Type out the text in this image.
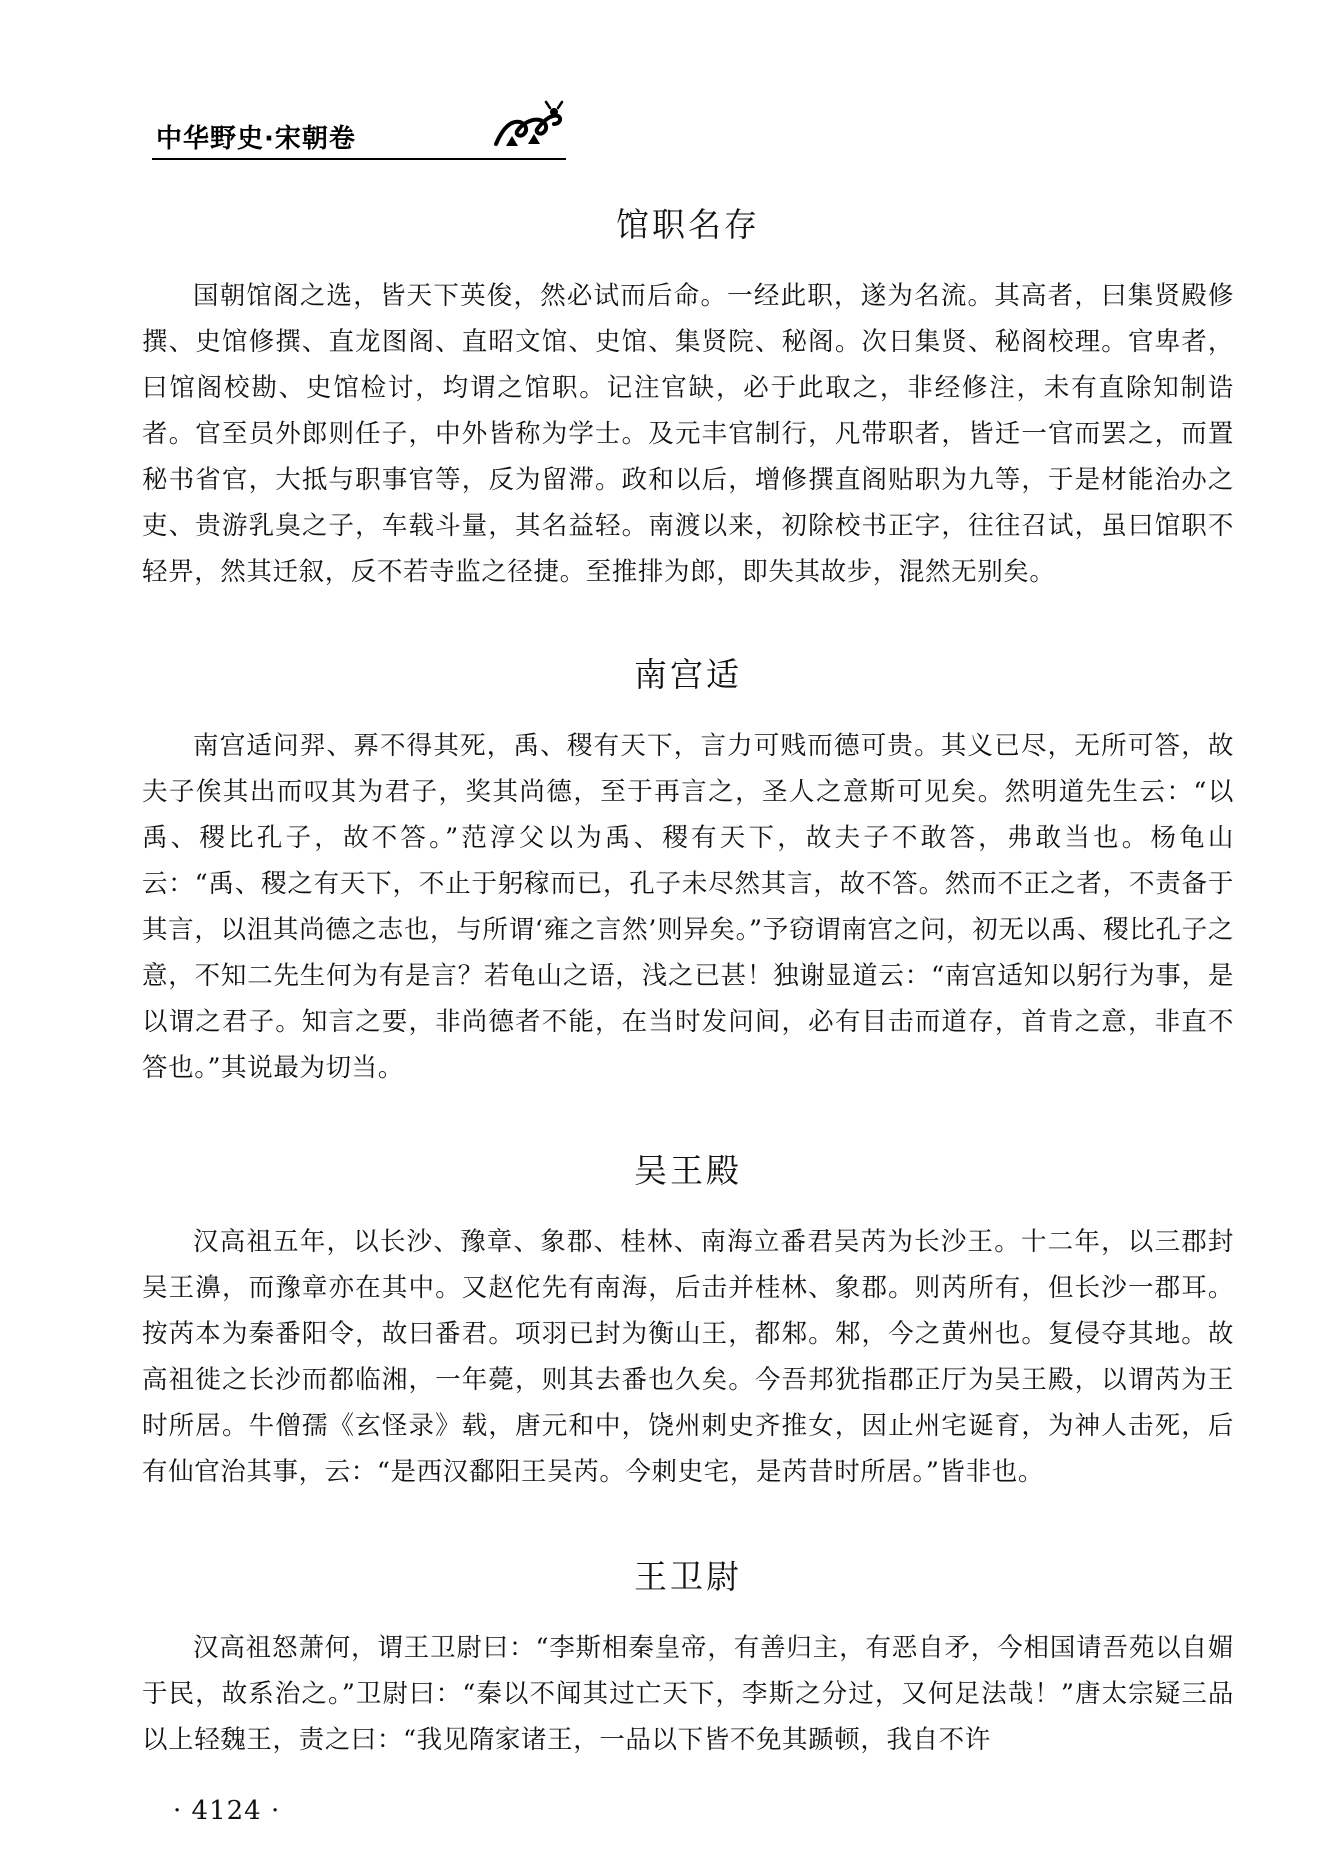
中华野史·宋朝卷
馆职名存

国朝馆阁之选，皆天下英俊，然必试而后命。一经此职，遂为名流。其高者，曰集贤殿修撰、史馆修撰、直龙图阁、直昭文馆、史馆、集贤院、秘阁。次日集贤、秘阁校理。官卑者，曰馆阁校勘、史馆检讨，均谓之馆职。记注官缺，必于此取之，非经修注，未有直除知制诰者。官至员外郎则任子，中外皆称为学士。及元丰官制行，凡带职者，皆迁一官而罢之，而置秘书省官，大抵与职事官等，反为留滞。政和以后，增修撰直阁贴职为九等，于是材能治办之吏、贵游乳臭之子，车载斗量，其名益轻。南渡以来，初除校书正字，往往召试，虽曰馆职不轻畀，然其迁叙，反不若寺监之径捷。至推排为郎，即失其故步，混然无别矣。

南宫适

南宫适问羿、奡不得其死，禹、稷有天下，言力可贱而德可贵。其义已尽，无所可答，故夫子俟其出而叹其为君子，奖其尚德，至于再言之，圣人之意斯可见矣。然明道先生云：“以禹、稷比孔子，故不答。”范淳父以为禹、稷有天下，故夫子不敢答，弗敢当也。杨龟山云：“禹、稷之有天下，不止于躬稼而已，孔子未尽然其言，故不答。然而不正之者，不责备于其言，以沮其尚德之志也，与所谓‘雍之言然’则异矣。”予窃谓南宫之问，初无以禹、稷比孔子之意，不知二先生何为有是言？若龟山之语，浅之已甚！独谢显道云：“南宫适知以躬行为事，是以谓之君子。知言之要，非尚德者不能，在当时发问间，必有目击而道存，首肯之意，非直不答也。”其说最为切当。

吴王殿

汉高祖五年，以长沙、豫章、象郡、桂林、南海立番君吴芮为长沙王。十二年，以三郡封吴王濞，而豫章亦在其中。又赵佗先有南海，后击并桂林、象郡。则芮所有，但长沙一郡耳。按芮本为秦番阳令，故曰番君。项羽已封为衡山王，都邾。邾，今之黄州也。复侵夺其地。故高祖徙之长沙而都临湘，一年薨，则其去番也久矣。今吾邦犹指郡正厅为吴王殿，以谓芮为王时所居。牛僧孺《玄怪录》载，唐元和中，饶州刺史齐推女，因止州宅诞育，为神人击死，后有仙官治其事，云：“是西汉鄱阳王吴芮。今刺史宅，是芮昔时所居。”皆非也。

王卫尉

汉高祖怒萧何，谓王卫尉曰：“李斯相秦皇帝，有善归主，有恶自矛，今相国请吾苑以自媚于民，故系治之。”卫尉曰：“秦以不闻其过亡天下，李斯之分过，又何足法哉！”唐太宗疑三品以上轻魏王，责之曰：“我见隋家诸王，一品以下皆不免其踬顿，我自不许

· 4124 ·
